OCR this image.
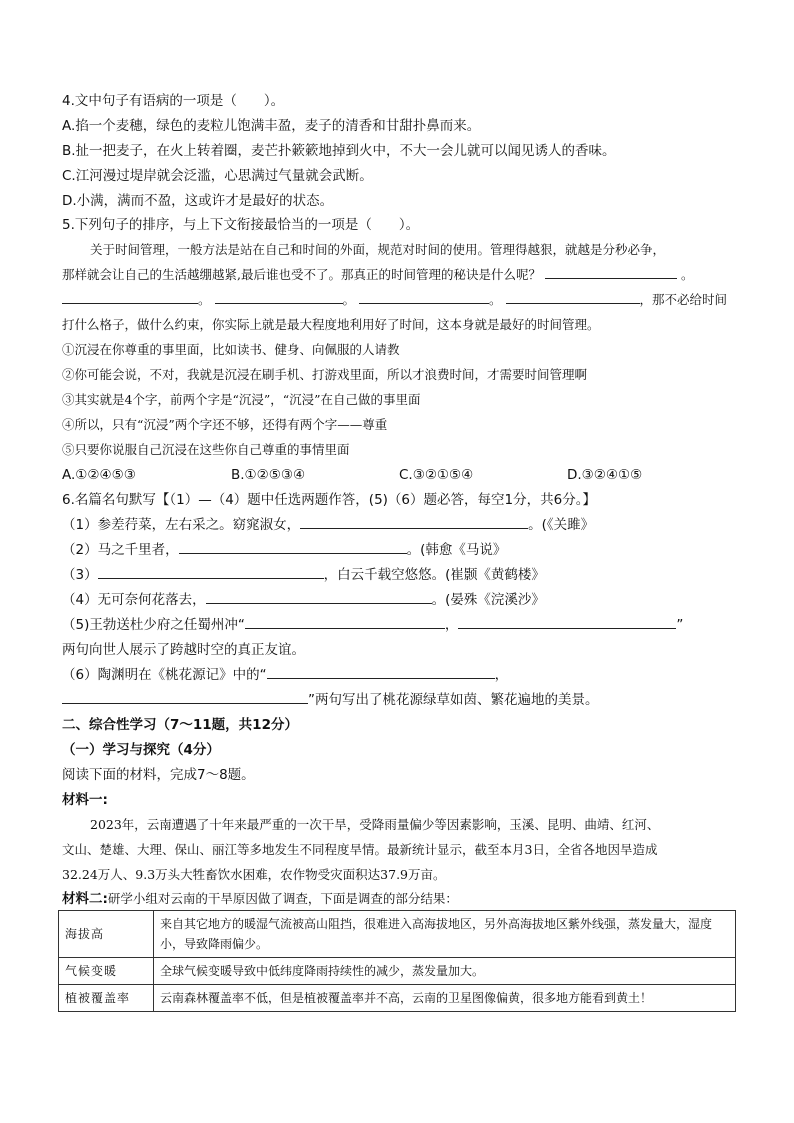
4.文中句子有语病的一项是（　　）。
A.掐一个麦穗，绿色的麦粒儿饱满丰盈，麦子的清香和甘甜扑鼻而来。
B.扯一把麦子，在火上转着圈，麦芒扑簌簌地掉到火中，不大一会儿就可以闻见诱人的香味。
C.江河漫过堤岸就会泛滥，心思满过气量就会武断。
D.小满，满而不盈，这或许才是最好的状态。
5.下列句子的排序，与上下文衔接最恰当的一项是（　　）。
关于时间管理，一般方法是站在自己和时间的外面，规范对时间的使用。管理得越狠，就越是分秒必争，
那样就会让自己的生活越绷越紧,最后谁也受不了。那真正的时间管理的秘诀是什么呢？	。
。	。	。	，那不必给时间
打什么格子，做什么约束，你实际上就是最大程度地利用好了时间，这本身就是最好的时间管理。
①沉浸在你尊重的事里面，比如读书、健身、向佩服的人请教
②你可能会说，不对，我就是沉浸在刷手机、打游戏里面，所以才浪费时间，才需要时间管理啊
③其实就是4个字，前两个字是“沉浸”，“沉浸”在自己做的事里面
④所以，只有“沉浸”两个字还不够，还得有两个字——尊重
⑤只要你说服自己沉浸在这些你自己尊重的事情里面
A.①②④⑤③	B.①②⑤③④	C.③②①⑤④	D.③②④①⑤
6.名篇名句默写【（1）—（4）题中任选两题作答，(5)（6）题必答，每空1分，共6分。】
（1）参差荇菜，左右采之。窈窕淑女，	。(《关雎》
（2）马之千里者，	。(韩愈《马说》
（3）	，白云千载空悠悠。(崔颢《黄鹤楼》
（4）无可奈何花落去，	。(晏殊《浣溪沙》
（5)王勃送杜少府之任蜀州冲“	，	”
两句向世人展示了跨越时空的真正友谊。
（6）陶渊明在《桃花源记》中的“	，
”两句写出了桃花源绿草如茵、繁花遍地的美景。
二、综合性学习（7～11题，共12分）
（一）学习与探究（4分）
阅读下面的材料，完成7～8题。
材料一:
2023年，云南遭遇了十年来最严重的一次干旱，受降雨量偏少等因素影响，玉溪、昆明、曲靖、红河、
文山、楚雄、大理、保山、丽江等多地发生不同程度旱情。最新统计显示，截至本月3日，全省各地因旱造成
32.24万人、9.3万头大牲畜饮水困难，农作物受灾面积达37.9万亩。
材料二:研学小组对云南的干旱原因做了调查，下面是调查的部分结果：
海拔高	来自其它地方的暖湿气流被高山阻挡，很难进入高海拔地区，另外高海拔地区紫外线强，蒸发量大，湿度小，导致降雨偏少。
气候变暖	全球气候变暖导致中低纬度降雨持续性的减少，蒸发量加大。
植被覆盖率	云南森林覆盖率不低，但是植被覆盖率并不高，云南的卫星图像偏黄，很多地方能看到黄土！
